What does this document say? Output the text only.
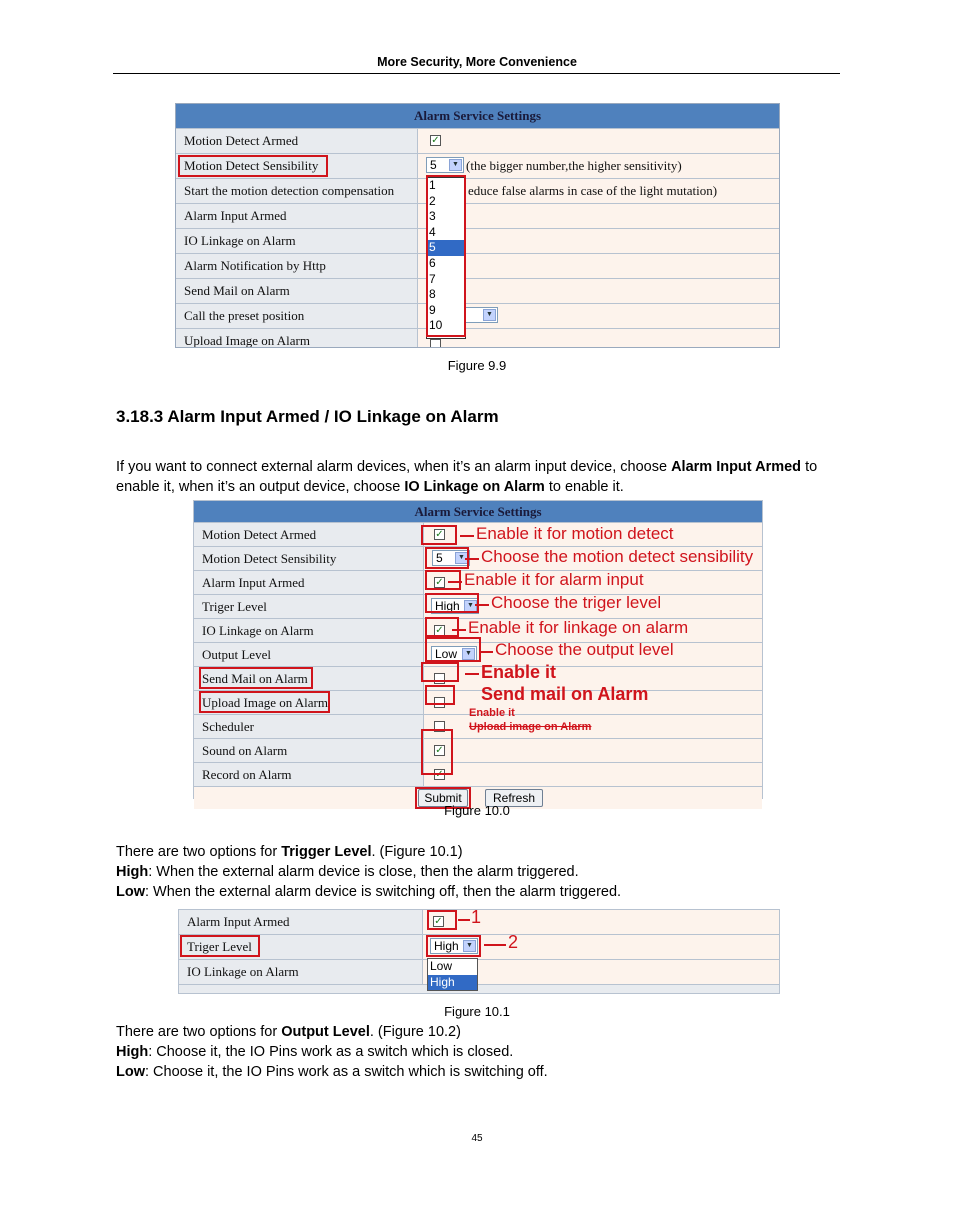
More Security, More Convenience
Alarm Service Settings
Motion Detect Armed	✓
Motion Detect Sensibility	5	▼ (the bigger number,the higher sensitivity)
Start the motion detection compensation	educe false alarms in case of the light mutation)
Alarm Input Armed
IO Linkage on Alarm
Alarm Notification by Http
Send Mail on Alarm
Call the preset position	▼
Upload Image on Alarm
1
2
3
4
5
6
7
8
9
10
Figure 9.9
3.18.3 Alarm Input Armed / IO Linkage on Alarm
If you want to connect external alarm devices, when it’s an alarm input device, choose Alarm Input Armed to enable it, when it’s an output device, choose IO Linkage on Alarm to enable it.
Alarm Service Settings
Motion Detect Armed	✓
Motion Detect Sensibility	5	▼
Alarm Input Armed	✓
Triger Level	High	▼
IO Linkage on Alarm	✓
Output Level	Low	▼
Send Mail on Alarm
Upload Image on Alarm
Scheduler
Sound on Alarm	✓
Record on Alarm	✓
Submit	Refresh
Enable it for motion detect
Choose the motion detect sensibility
Enable it for alarm input
Choose the triger level
Enable it for linkage on alarm
Choose the output level
Enable it
Send mail on Alarm
Enable it
Upload image on Alarm
Figure 10.0
There are two options for Trigger Level. (Figure 10.1)
High: When the external alarm device is close, then the alarm triggered.
Low: When the external alarm device is switching off, then the alarm triggered.
Alarm Input Armed	✓
Triger Level	High	▼
IO Linkage on Alarm
1
2
Low
High
Figure 10.1
There are two options for Output Level. (Figure 10.2)
High: Choose it, the IO Pins work as a switch which is closed.
Low: Choose it, the IO Pins work as a switch which is switching off.
45
